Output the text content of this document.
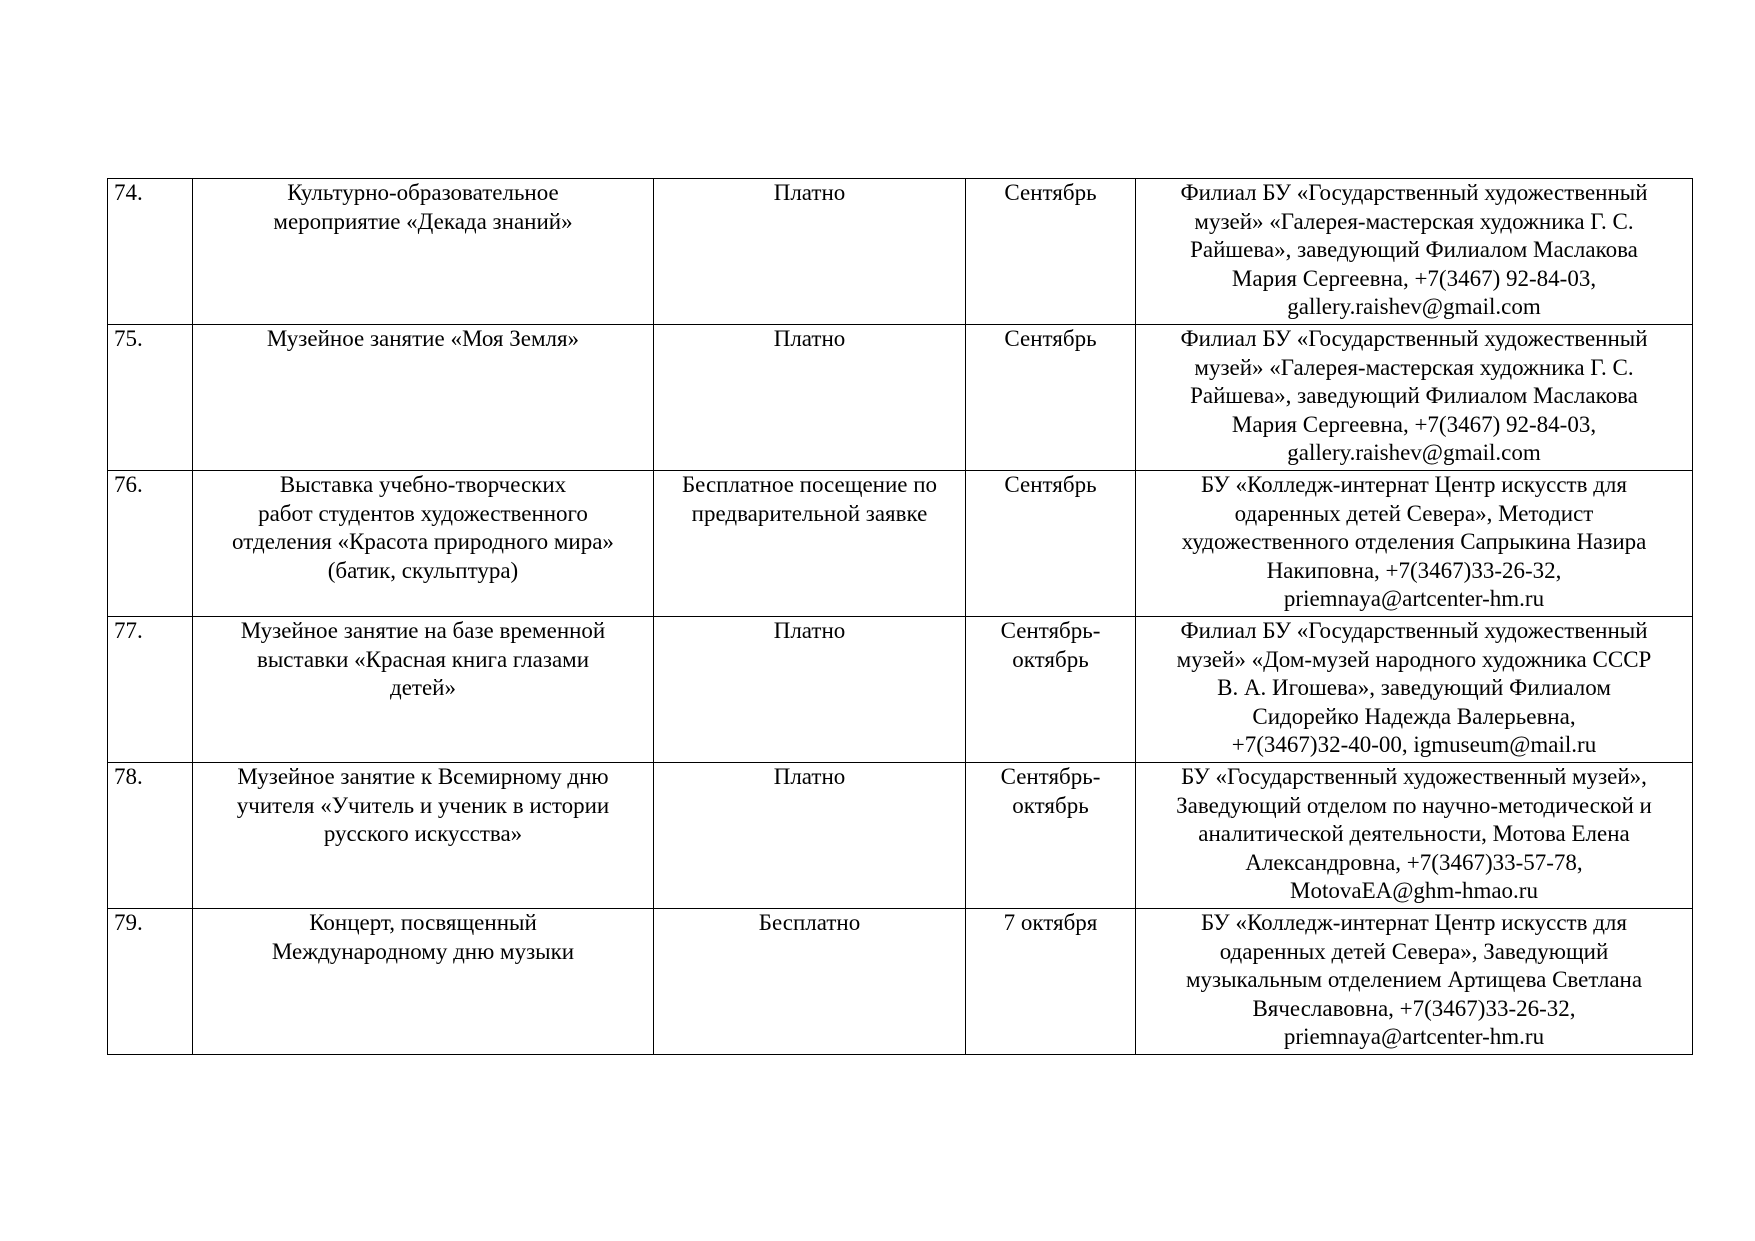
74.	Культурно-образовательное
мероприятие «Декада знаний»	Платно	Сентябрь	Филиал БУ «Государственный художественный
музей» «Галерея-мастерская художника Г. С.
Райшева», заведующий Филиалом Маслакова
Мария Сергеевна, +7(3467) 92-84-03,
gallery.raishev@gmail.com

75.	Музейное занятие «Моя Земля»	Платно	Сентябрь	Филиал БУ «Государственный художественный
музей» «Галерея-мастерская художника Г. С.
Райшева», заведующий Филиалом Маслакова
Мария Сергеевна, +7(3467) 92-84-03,
gallery.raishev@gmail.com

76.	Выставка учебно-творческих
работ студентов художественного
отделения «Красота природного мира»
(батик, скульптура)	Бесплатное посещение по
предварительной заявке	Сентябрь	БУ «Колледж-интернат Центр искусств для
одаренных детей Севера», Методист
художественного отделения Сапрыкина Назира
Накиповна, +7(3467)33-26-32,
priemnaya@artcenter-hm.ru

77.	Музейное занятие на базе временной
выставки «Красная книга глазами
детей»	Платно	Сентябрь-
октябрь	Филиал БУ «Государственный художественный
музей» «Дом-музей народного художника СССР
В. А. Игошева», заведующий Филиалом
Сидорейко Надежда Валерьевна,
+7(3467)32-40-00, igmuseum@mail.ru

78.	Музейное занятие к Всемирному дню
учителя «Учитель и ученик в истории
русского искусства»	Платно	Сентябрь-
октябрь	БУ «Государственный художественный музей»,
Заведующий отделом по научно-методической и
аналитической деятельности, Мотова Елена
Александровна, +7(3467)33-57-78,
MotovaEA@ghm-hmao.ru

79.	Концерт, посвященный
Международному дню музыки	Бесплатно	7 октября	БУ «Колледж-интернат Центр искусств для
одаренных детей Севера», Заведующий
музыкальным отделением Артищева Светлана
Вячеславовна, +7(3467)33-26-32,
priemnaya@artcenter-hm.ru
